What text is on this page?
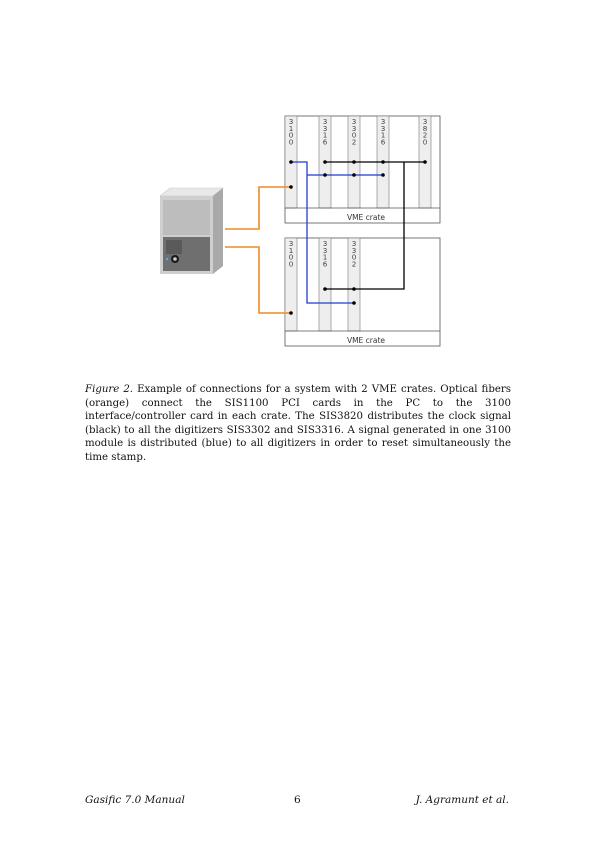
VME crate
VME crate
3 1 0 0
3 3 1 6
3 3 0 2
3 3 1 6
3 8 2 0
3 1 0 0
3 3 1 6
3 3 0 2
Figure 2. Example of connections for a system with 2 VME crates. Optical fibers (orange) connect the SIS1100 PCI cards in the PC to the 3100 interface/controller card in each crate. The SIS3820 distributes the clock signal (black) to all the digitizers SIS3302 and SIS3316. A signal generated in one 3100 module is distributed (blue) to all digitizers in order to reset simultaneously the time stamp.
Gasific 7.0 Manual	6	J. Agramunt et al.
